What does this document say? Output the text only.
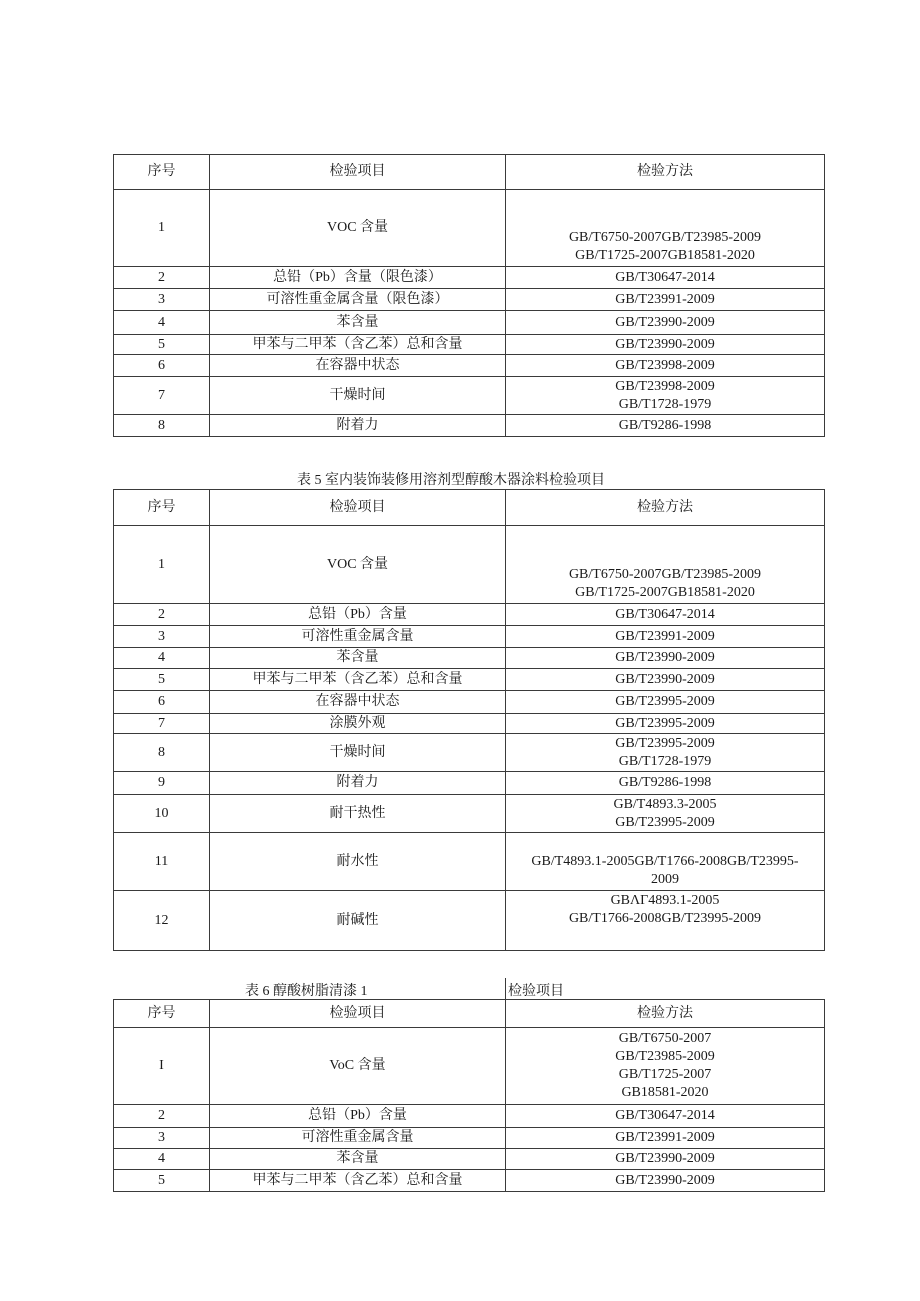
序号	检验项目	检验方法
1	VOC 含量	GB/T6750-2007GB/T23985-2009
GB/T1725-2007GB18581-2020

2	总铅（Pb）含量（限色漆）	GB/T30647-2014
3	可溶性重金属含量（限色漆）	GB/T23991-2009
4	苯含量	GB/T23990-2009
5	甲苯与二甲苯（含乙苯）总和含量	GB/T23990-2009
6	在容器中状态	GB/T23998-2009
7	干燥时间	GB/T23998-2009
GB/T1728-1979

8	附着力	GB/T9286-1998
表 5 室内装饰装修用溶剂型醇酸木器涂料检验项目
序号	检验项目	检验方法
1	VOC 含量	GB/T6750-2007GB/T23985-2009
GB/T1725-2007GB18581-2020

2	总铅（Pb）含量	GB/T30647-2014
3	可溶性重金属含量	GB/T23991-2009
4	苯含量	GB/T23990-2009
5	甲苯与二甲苯（含乙苯）总和含量	GB/T23990-2009
6	在容器中状态	GB/T23995-2009
7	涂膜外观	GB/T23995-2009
8	干燥时间	GB/T23995-2009
GB/T1728-1979

9	附着力	GB/T9286-1998
10	耐干热性	GB/T4893.3-2005
GB/T23995-2009

11	耐水性	GB/T4893.1-2005GB/T1766-2008GB/T23995-
2009

12	耐碱性	GBΛΓ4893.1-2005
GB/T1766-2008GB/T23995-2009
表 6 醇酸树脂清漆 1	检验项目
序号	检验项目	检验方法
I	VoC 含量	GB/T6750-2007
GB/T23985-2009
GB/T1725-2007
GB18581-2020

2	总铅（Pb）含量	GB/T30647-2014
3	可溶性重金属含量	GB/T23991-2009
4	苯含量	GB/T23990-2009
5	甲苯与二甲苯（含乙苯）总和含量	GB/T23990-2009
